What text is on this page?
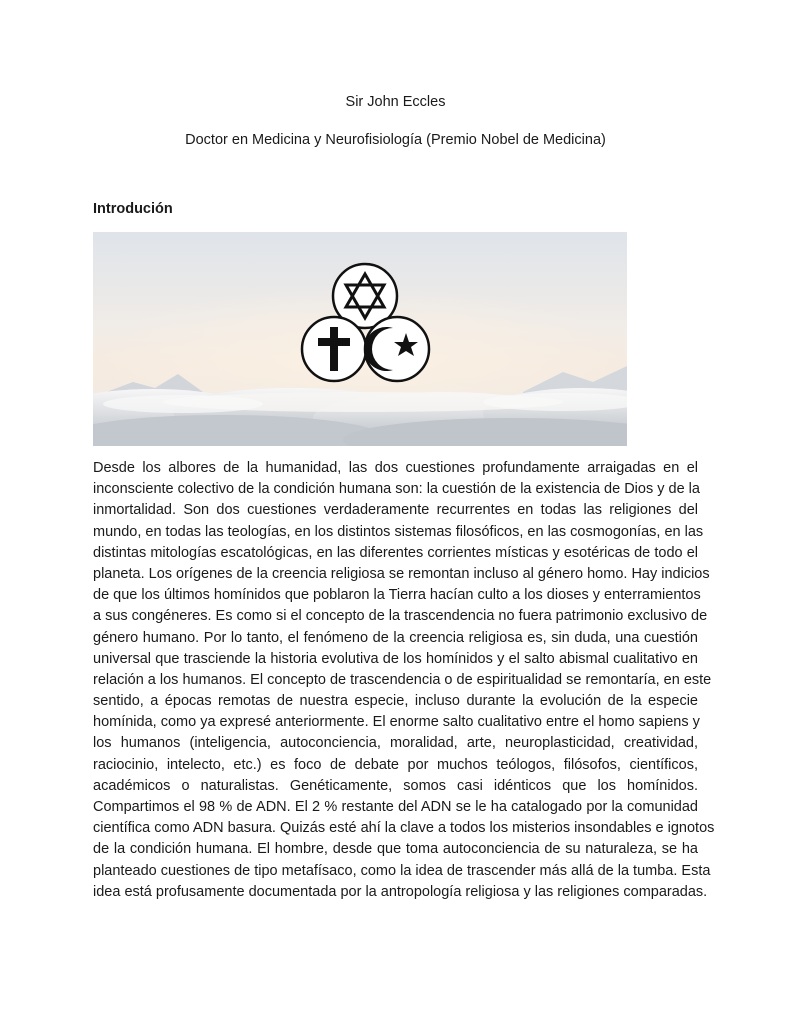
Sir John Eccles
Doctor en Medicina y Neurofisiología (Premio Nobel de Medicina)
Introdución
Desde los albores de la humanidad, las dos cuestiones profundamente arraigadas en el
inconsciente colectivo de la condición humana son: la cuestión de la existencia de Dios y de la
inmortalidad. Son dos cuestiones verdaderamente recurrentes en todas las religiones del
mundo, en todas las teologías, en los distintos sistemas filosóficos, en las cosmogonías, en las
distintas mitologías escatológicas, en las diferentes corrientes místicas y esotéricas de todo el
planeta. Los orígenes de la creencia religiosa se remontan incluso al género homo. Hay indicios
de que los últimos homínidos que poblaron la Tierra hacían culto a los dioses y enterramientos
a sus congéneres. Es como si el concepto de la trascendencia no fuera patrimonio exclusivo de
género humano. Por lo tanto, el fenómeno de la creencia religiosa es, sin duda, una cuestión
universal que trasciende la historia evolutiva de los homínidos y el salto abismal cualitativo en
relación a los humanos. El concepto de trascendencia o de espiritualidad se remontaría, en este
sentido, a épocas remotas de nuestra especie, incluso durante la evolución de la especie
homínida, como ya expresé anteriormente. El enorme salto cualitativo entre el homo sapiens y
los humanos (inteligencia, autoconciencia, moralidad, arte, neuroplasticidad, creatividad,
raciocinio, intelecto, etc.) es foco de debate por muchos teólogos, filósofos, científicos,
académicos o naturalistas. Genéticamente, somos casi idénticos que los homínidos.
Compartimos el 98 % de ADN. El 2 % restante del ADN se le ha catalogado por la comunidad
científica como ADN basura. Quizás esté ahí la clave a todos los misterios insondables e ignotos
de la condición humana. El hombre, desde que toma autoconciencia de su naturaleza, se ha
planteado cuestiones de tipo metafísaco, como la idea de trascender más allá de la tumba. Esta
idea está profusamente documentada por la antropología religiosa y las religiones comparadas.
